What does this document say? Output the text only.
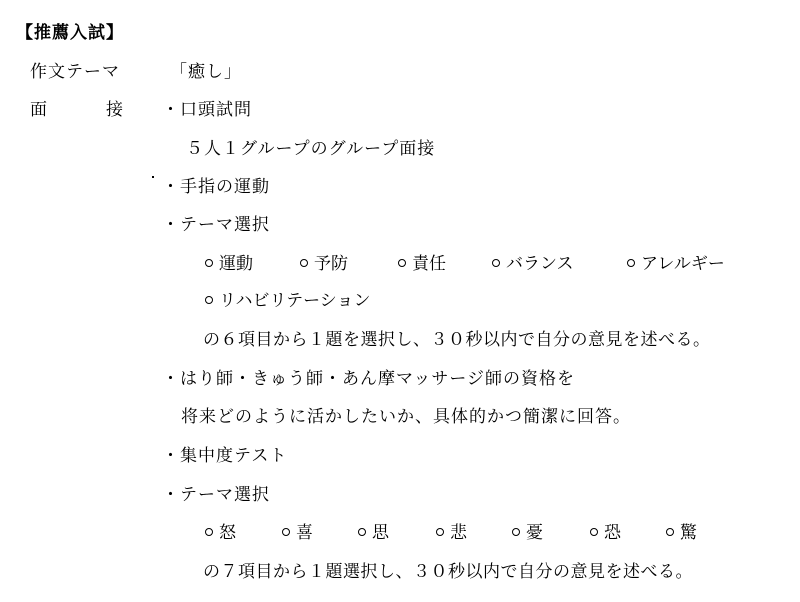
【推薦入試】
作文テーマ	「癒し」
面	接 ・口頭試問
５人１グループのグループ面接
・手指の運動
・テーマ選択
運動	予防	責任	バランス	アレルギー
リハビリテーション
の６項目から１題を選択し、３０秒以内で自分の意見を述べる。
・はり師・きゅう師・あん摩マッサージ師の資格を
将来どのように活かしたいか、具体的かつ簡潔に回答。
・集中度テスト
・テーマ選択
怒	喜	思	悲	憂	恐	驚
の７項目から１題選択し、３０秒以内で自分の意見を述べる。
